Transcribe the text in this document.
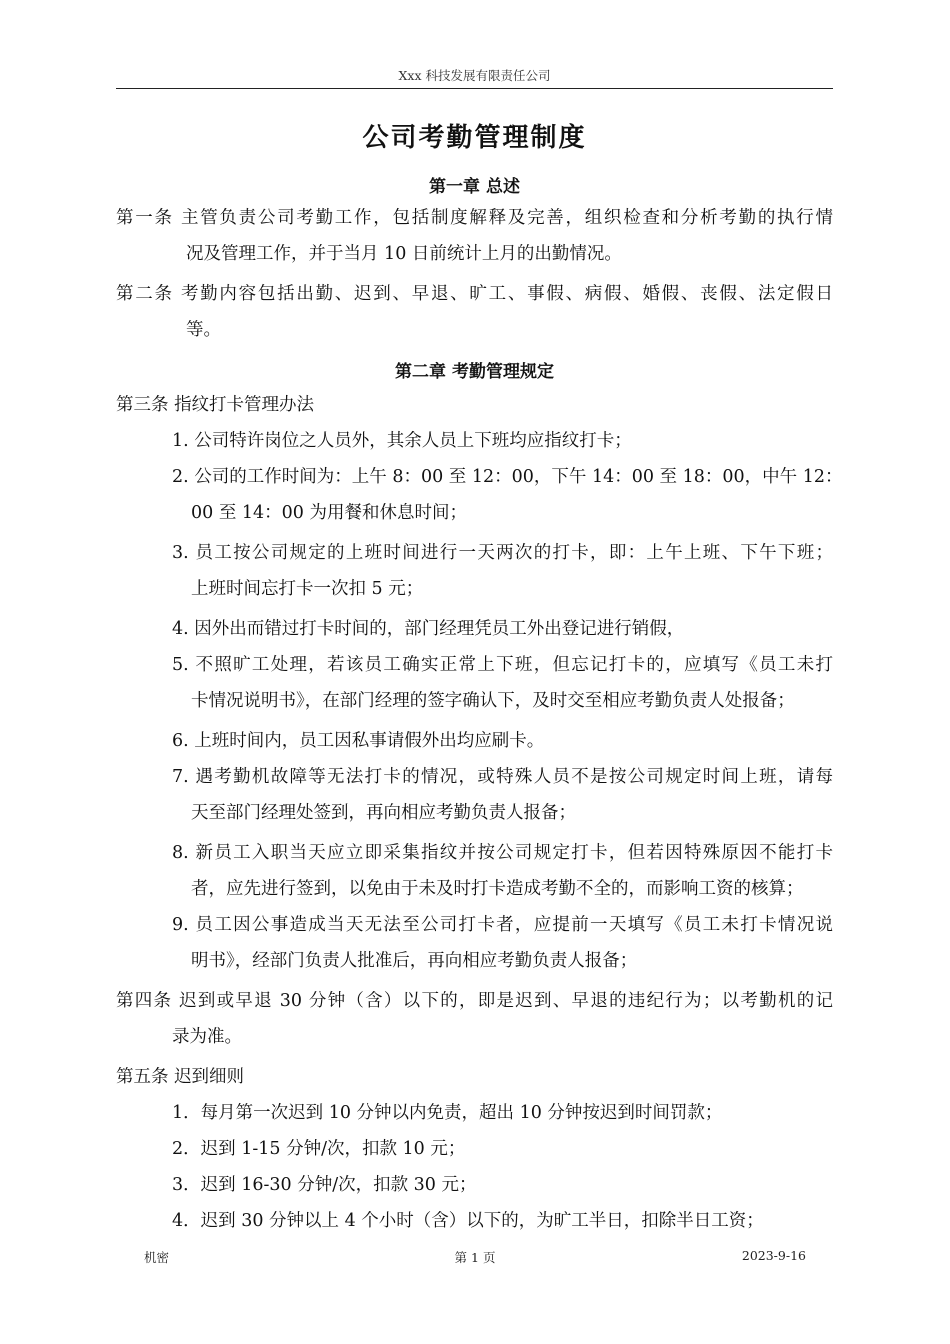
Xxx 科技发展有限责任公司
公司考勤管理制度
第一章 总述
第一条 主管负责公司考勤工作，包括制度解释及完善，组织检查和分析考勤的执行情
况及管理工作，并于当月 10 日前统计上月的出勤情况。
第二条 考勤内容包括出勤、迟到、早退、旷工、事假、病假、婚假、丧假、法定假日
等。
第二章 考勤管理规定
第三条 指纹打卡管理办法
1. 公司特许岗位之人员外，其余人员上下班均应指纹打卡；
2. 公司的工作时间为：上午 8：00 至 12：00，下午 14：00 至 18：00，中午 12：
00 至 14：00 为用餐和休息时间；
3. 员工按公司规定的上班时间进行一天两次的打卡，即：上午上班、下午下班；
上班时间忘打卡一次扣 5 元；
4. 因外出而错过打卡时间的，部门经理凭员工外出登记进行销假，
5. 不照旷工处理，若该员工确实正常上下班，但忘记打卡的，应填写《员工未打
卡情况说明书》，在部门经理的签字确认下，及时交至相应考勤负责人处报备；
6. 上班时间内，员工因私事请假外出均应刷卡。
7. 遇考勤机故障等无法打卡的情况，或特殊人员不是按公司规定时间上班，请每
天至部门经理处签到，再向相应考勤负责人报备；
8. 新员工入职当天应立即采集指纹并按公司规定打卡，但若因特殊原因不能打卡
者，应先进行签到，以免由于未及时打卡造成考勤不全的，而影响工资的核算；
9. 员工因公事造成当天无法至公司打卡者，应提前一天填写《员工未打卡情况说
明书》，经部门负责人批准后，再向相应考勤负责人报备；
第四条 迟到或早退 30 分钟（含）以下的，即是迟到、早退的违纪行为；以考勤机的记
录为准。
第五条 迟到细则
1．每月第一次迟到 10 分钟以内免责，超出 10 分钟按迟到时间罚款；
2．迟到 1-15 分钟/次，扣款 10 元；
3．迟到 16-30 分钟/次，扣款 30 元；
4．迟到 30 分钟以上 4 个小时（含）以下的，为旷工半日，扣除半日工资；
机密	第 1 页	2023-9-16
